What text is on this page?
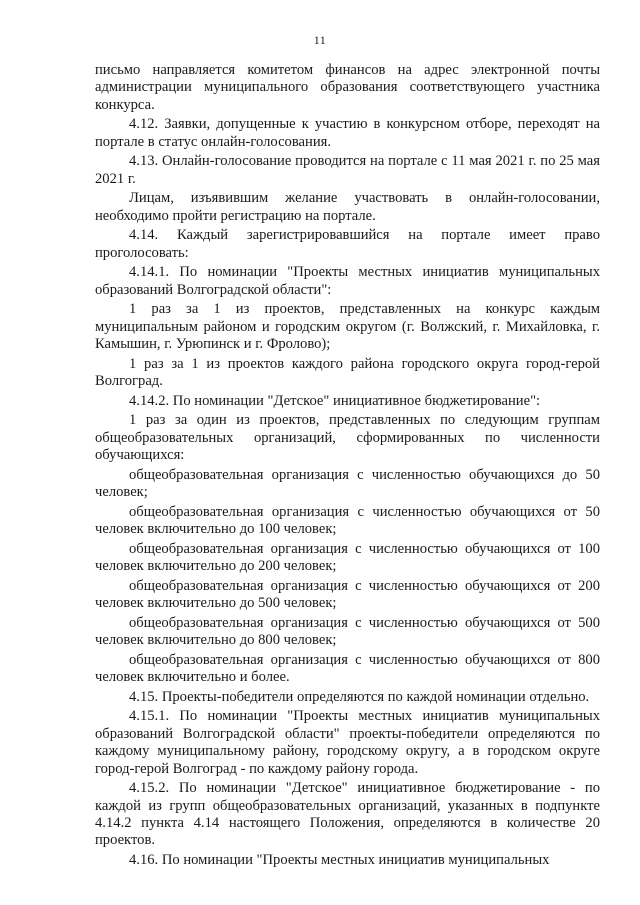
11

письмо направляется комитетом финансов на адрес электронной почты администрации муниципального образования соответствующего участника конкурса.

4.12. Заявки, допущенные к участию в конкурсном отборе, переходят на портале в статус онлайн-голосования.

4.13. Онлайн-голосование проводится на портале с 11 мая 2021 г. по 25 мая 2021 г.

Лицам, изъявившим желание участвовать в онлайн-голосовании, необходимо пройти регистрацию на портале.

4.14. Каждый зарегистрировавшийся на портале имеет право проголосовать:

4.14.1. По номинации "Проекты местных инициатив муниципальных образований Волгоградской области":

1 раз за 1 из проектов, представленных на конкурс каждым муниципальным районом и городским округом (г. Волжский, г. Михайловка, г. Камышин, г. Урюпинск и г. Фролово);

1 раз за 1 из проектов каждого района городского округа город-герой Волгоград.

4.14.2. По номинации "Детское" инициативное бюджетирование":

1 раз за один из проектов, представленных по следующим группам общеобразовательных организаций, сформированных по численности обучающихся:

общеобразовательная организация с численностью обучающихся до 50 человек;

общеобразовательная организация с численностью обучающихся от 50 человек включительно до 100 человек;

общеобразовательная организация с численностью обучающихся от 100 человек включительно до 200 человек;

общеобразовательная организация с численностью обучающихся от 200 человек включительно до 500 человек;

общеобразовательная организация с численностью обучающихся от 500 человек включительно до 800 человек;

общеобразовательная организация с численностью обучающихся от 800 человек включительно и более.

4.15. Проекты-победители определяются по каждой номинации отдельно.

4.15.1. По номинации "Проекты местных инициатив муниципальных образований Волгоградской области" проекты-победители определяются по каждому муниципальному району, городскому округу, а в городском округе город-герой Волгоград - по каждому району города.

4.15.2. По номинации "Детское" инициативное бюджетирование - по каждой из групп общеобразовательных организаций, указанных в подпункте 4.14.2 пункта 4.14 настоящего Положения, определяются в количестве 20 проектов.

4.16. По номинации "Проекты местных инициатив муниципальных
